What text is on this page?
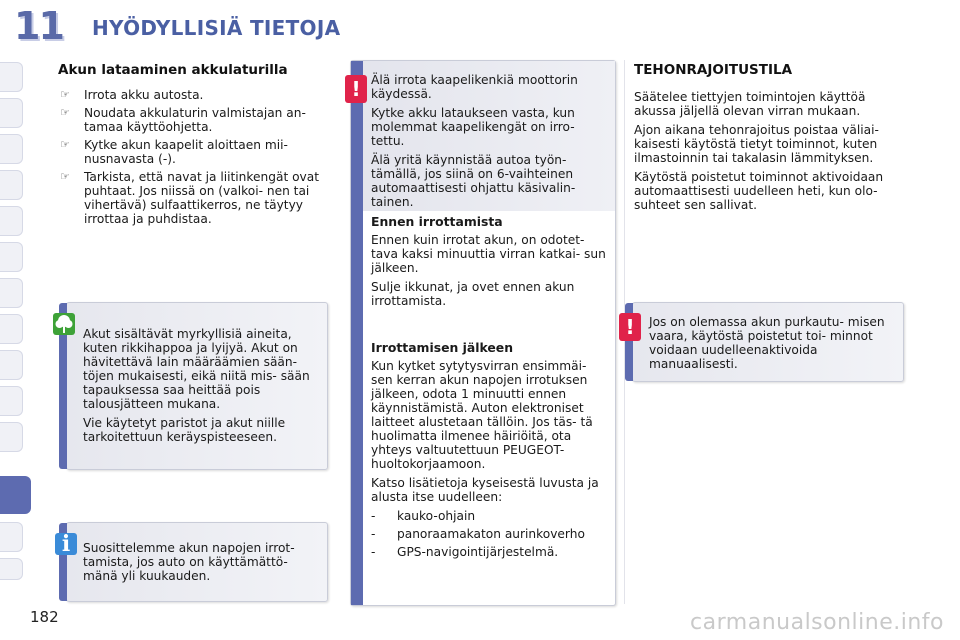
11 HYÖDYLLISIÄ TIETOJA
Akun lataaminen akkulaturilla
☞ Irrota akku autosta.
☞ Noudata akkulaturin valmistajan an- tamaa käyttöohjetta.
☞ Kytke akun kaapelit aloittaen mii- nusnavasta (-).
☞ Tarkista, että navat ja liitinkengät ovat puhtaat. Jos niissä on (valkoi- nen tai vihertävä) sulfaattikerros, ne täytyy irrottaa ja puhdistaa.

Akut sisältävät myrkyllisiä aineita, kuten rikkihappoa ja lyijyä. Akut on hävitettävä lain määräämien sään- töjen mukaisesti, eikä niitä mis- sään tapauksessa saa heittää pois talousjätteen mukana.

Vie käytetyt paristot ja akut niille tarkoitettuun keräyspisteeseen.

i	Suosittelemme akun napojen irrot- tamista, jos auto on käyttämättö- mänä yli kuukauden.
! Älä irrota kaapelikenkiä moottorin käydessä.

Kytke akku lataukseen vasta, kun molemmat kaapelikengät on irro- tettu.

Älä yritä käynnistää autoa työn- tämällä, jos siinä on 6-vaihteinen automaattisesti ohjattu käsivalin- tainen.

Ennen irrottamista

Ennen kuin irrotat akun, on odotet- tava kaksi minuuttia virran katkai- sun jälkeen.

Sulje ikkunat, ja ovet ennen akun irrottamista.

Irrottamisen jälkeen

Kun kytket sytytysvirran ensimmäi- sen kerran akun napojen irrotuksen jälkeen, odota 1 minuutti ennen käynnistämistä. Auton elektroniset laitteet alustetaan tällöin. Jos täs- tä huolimatta ilmenee häiriöitä, ota yhteys valtuutettuun PEUGEOT- huoltokorjaamoon.

Katso lisätietoja kyseisestä luvusta ja alusta itse uudelleen:

- kauko-ohjain
- panoraamakaton aurinkoverho
- GPS-navigointijärjestelmä.
TEHONRAJOITUSTILA

Säätelee tiettyjen toimintojen käyttöä akussa jäljellä olevan virran mukaan.

Ajon aikana tehonrajoitus poistaa väliai- kaisesti käytöstä tietyt toiminnot, kuten ilmastoinnin tai takalasin lämmityksen.

Käytöstä poistetut toiminnot aktivoidaan automaattisesti uudelleen heti, kun olo- suhteet sen sallivat.

!	Jos on olemassa akun purkautu- misen vaara, käytöstä poistetut toi- minnot voidaan uudelleenaktivoida manuaalisesti.
182	carmanualsonline.info
